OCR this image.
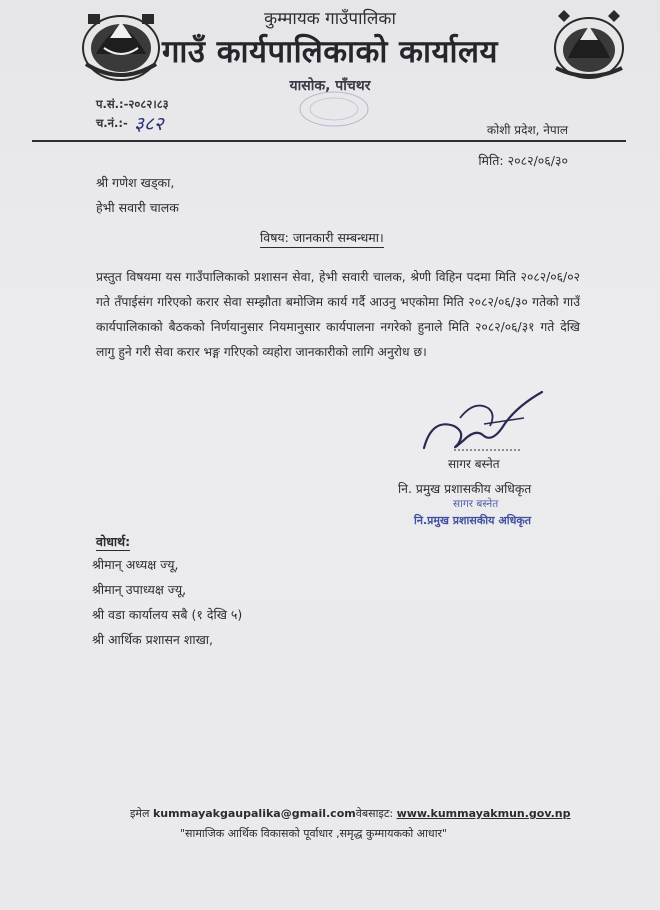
कुम्मायक गाउँपालिका
गाउँ कार्यपालिकाको कार्यालय
यासोक, पाँचथर
प.सं.:-२०८२।८३
च.नं.:- ३८२	कोशी प्रदेश, नेपाल
मिति: २०८२/०६/३०
श्री गणेश खड्का,
हेभी सवारी चालक
विषय: जानकारी सम्बन्धमा।
प्रस्तुत विषयमा यस गाउँपालिकाको प्रशासन सेवा, हेभी सवारी चालक, श्रेणी विहिन पदमा मिति २०८२/०६/०२ गते तँपाईसंग गरिएको करार सेवा सम्झौता बमोजिम कार्य गर्दै आउनु भएकोमा मिति २०८२/०६/३० गतेको गाउँ कार्यपालिकाको बैठकको निर्णयानुसार नियमानुसार कार्यपालना नगरेको हुनाले मिति २०८२/०६/३१ गते देखि लागु हुने गरी सेवा करार भङ्ग गरिएको व्यहोरा जानकारीको लागि अनुरोध छ।
सागर बस्नेत
नि. प्रमुख प्रशासकीय अधिकृत
सागर बस्नेत
नि.प्रमुख प्रशासकीय अधिकृत
वोधार्थ:
श्रीमान् अध्यक्ष ज्यू,
श्रीमान् उपाध्यक्ष ज्यू,
श्री वडा कार्यालय सबै (१ देखि ५)
श्री आर्थिक प्रशासन शाखा,
इमेल kummayakgaupalika@gmail.comवेबसाइट: www.kummayakmun.gov.np
"सामाजिक आर्थिक विकासको पूर्वाधार ,समृद्ध कुम्मायकको आधार"
